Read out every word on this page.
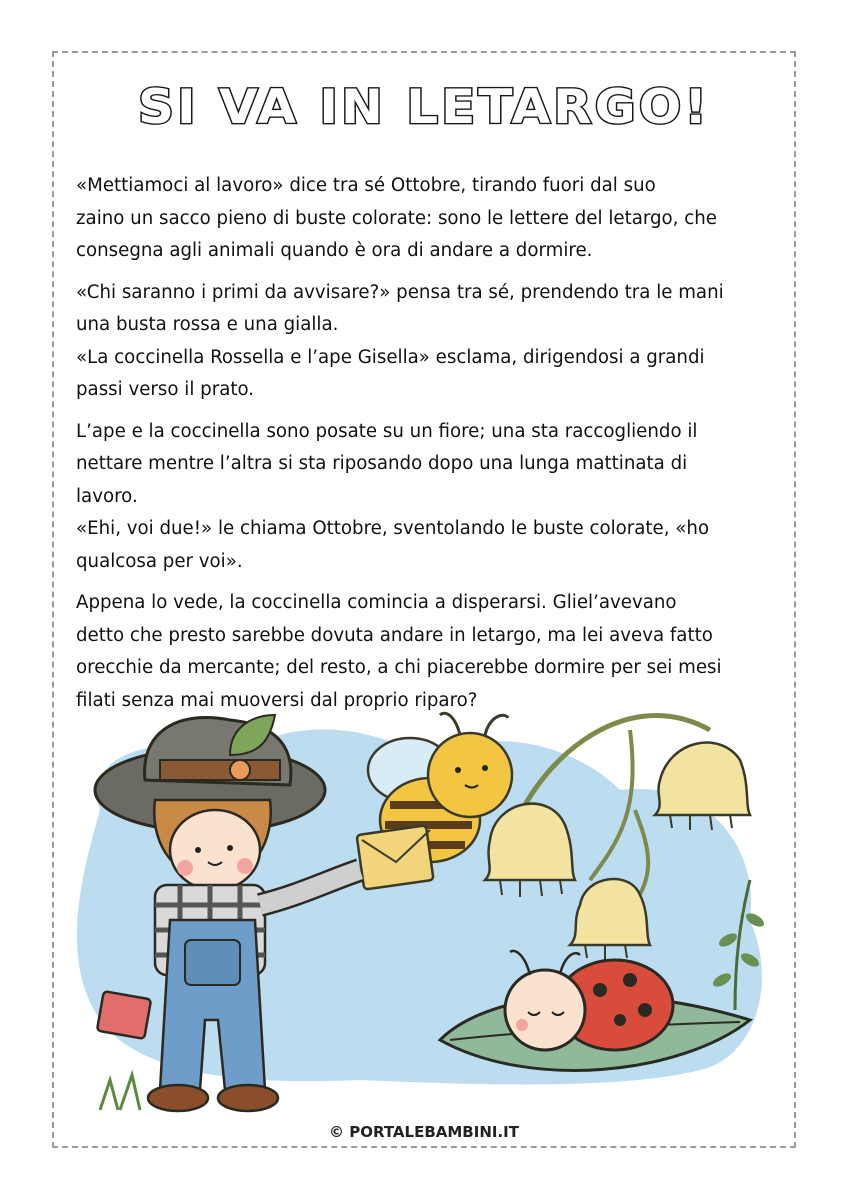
SI VA IN LETARGO!

«Mettiamoci al lavoro» dice tra sé Ottobre, tirando fuori dal suo
zaino un sacco pieno di buste colorate: sono le lettere del letargo, che
consegna agli animali quando è ora di andare a dormire.

«Chi saranno i primi da avvisare?» pensa tra sé, prendendo tra le mani
una busta rossa e una gialla.
«La coccinella Rossella e l’ape Gisella» esclama, dirigendosi a grandi
passi verso il prato.

L’ape e la coccinella sono posate su un fiore; una sta raccogliendo il
nettare mentre l’altra si sta riposando dopo una lunga mattinata di
lavoro.
«Ehi, voi due!» le chiama Ottobre, sventolando le buste colorate, «ho
qualcosa per voi».

Appena lo vede, la coccinella comincia a disperarsi. Gliel’avevano
detto che presto sarebbe dovuta andare in letargo, ma lei aveva fatto
orecchie da mercante; del resto, a chi piacerebbe dormire per sei mesi
filati senza mai muoversi dal proprio riparo?

© PORTALEBAMBINI.IT
